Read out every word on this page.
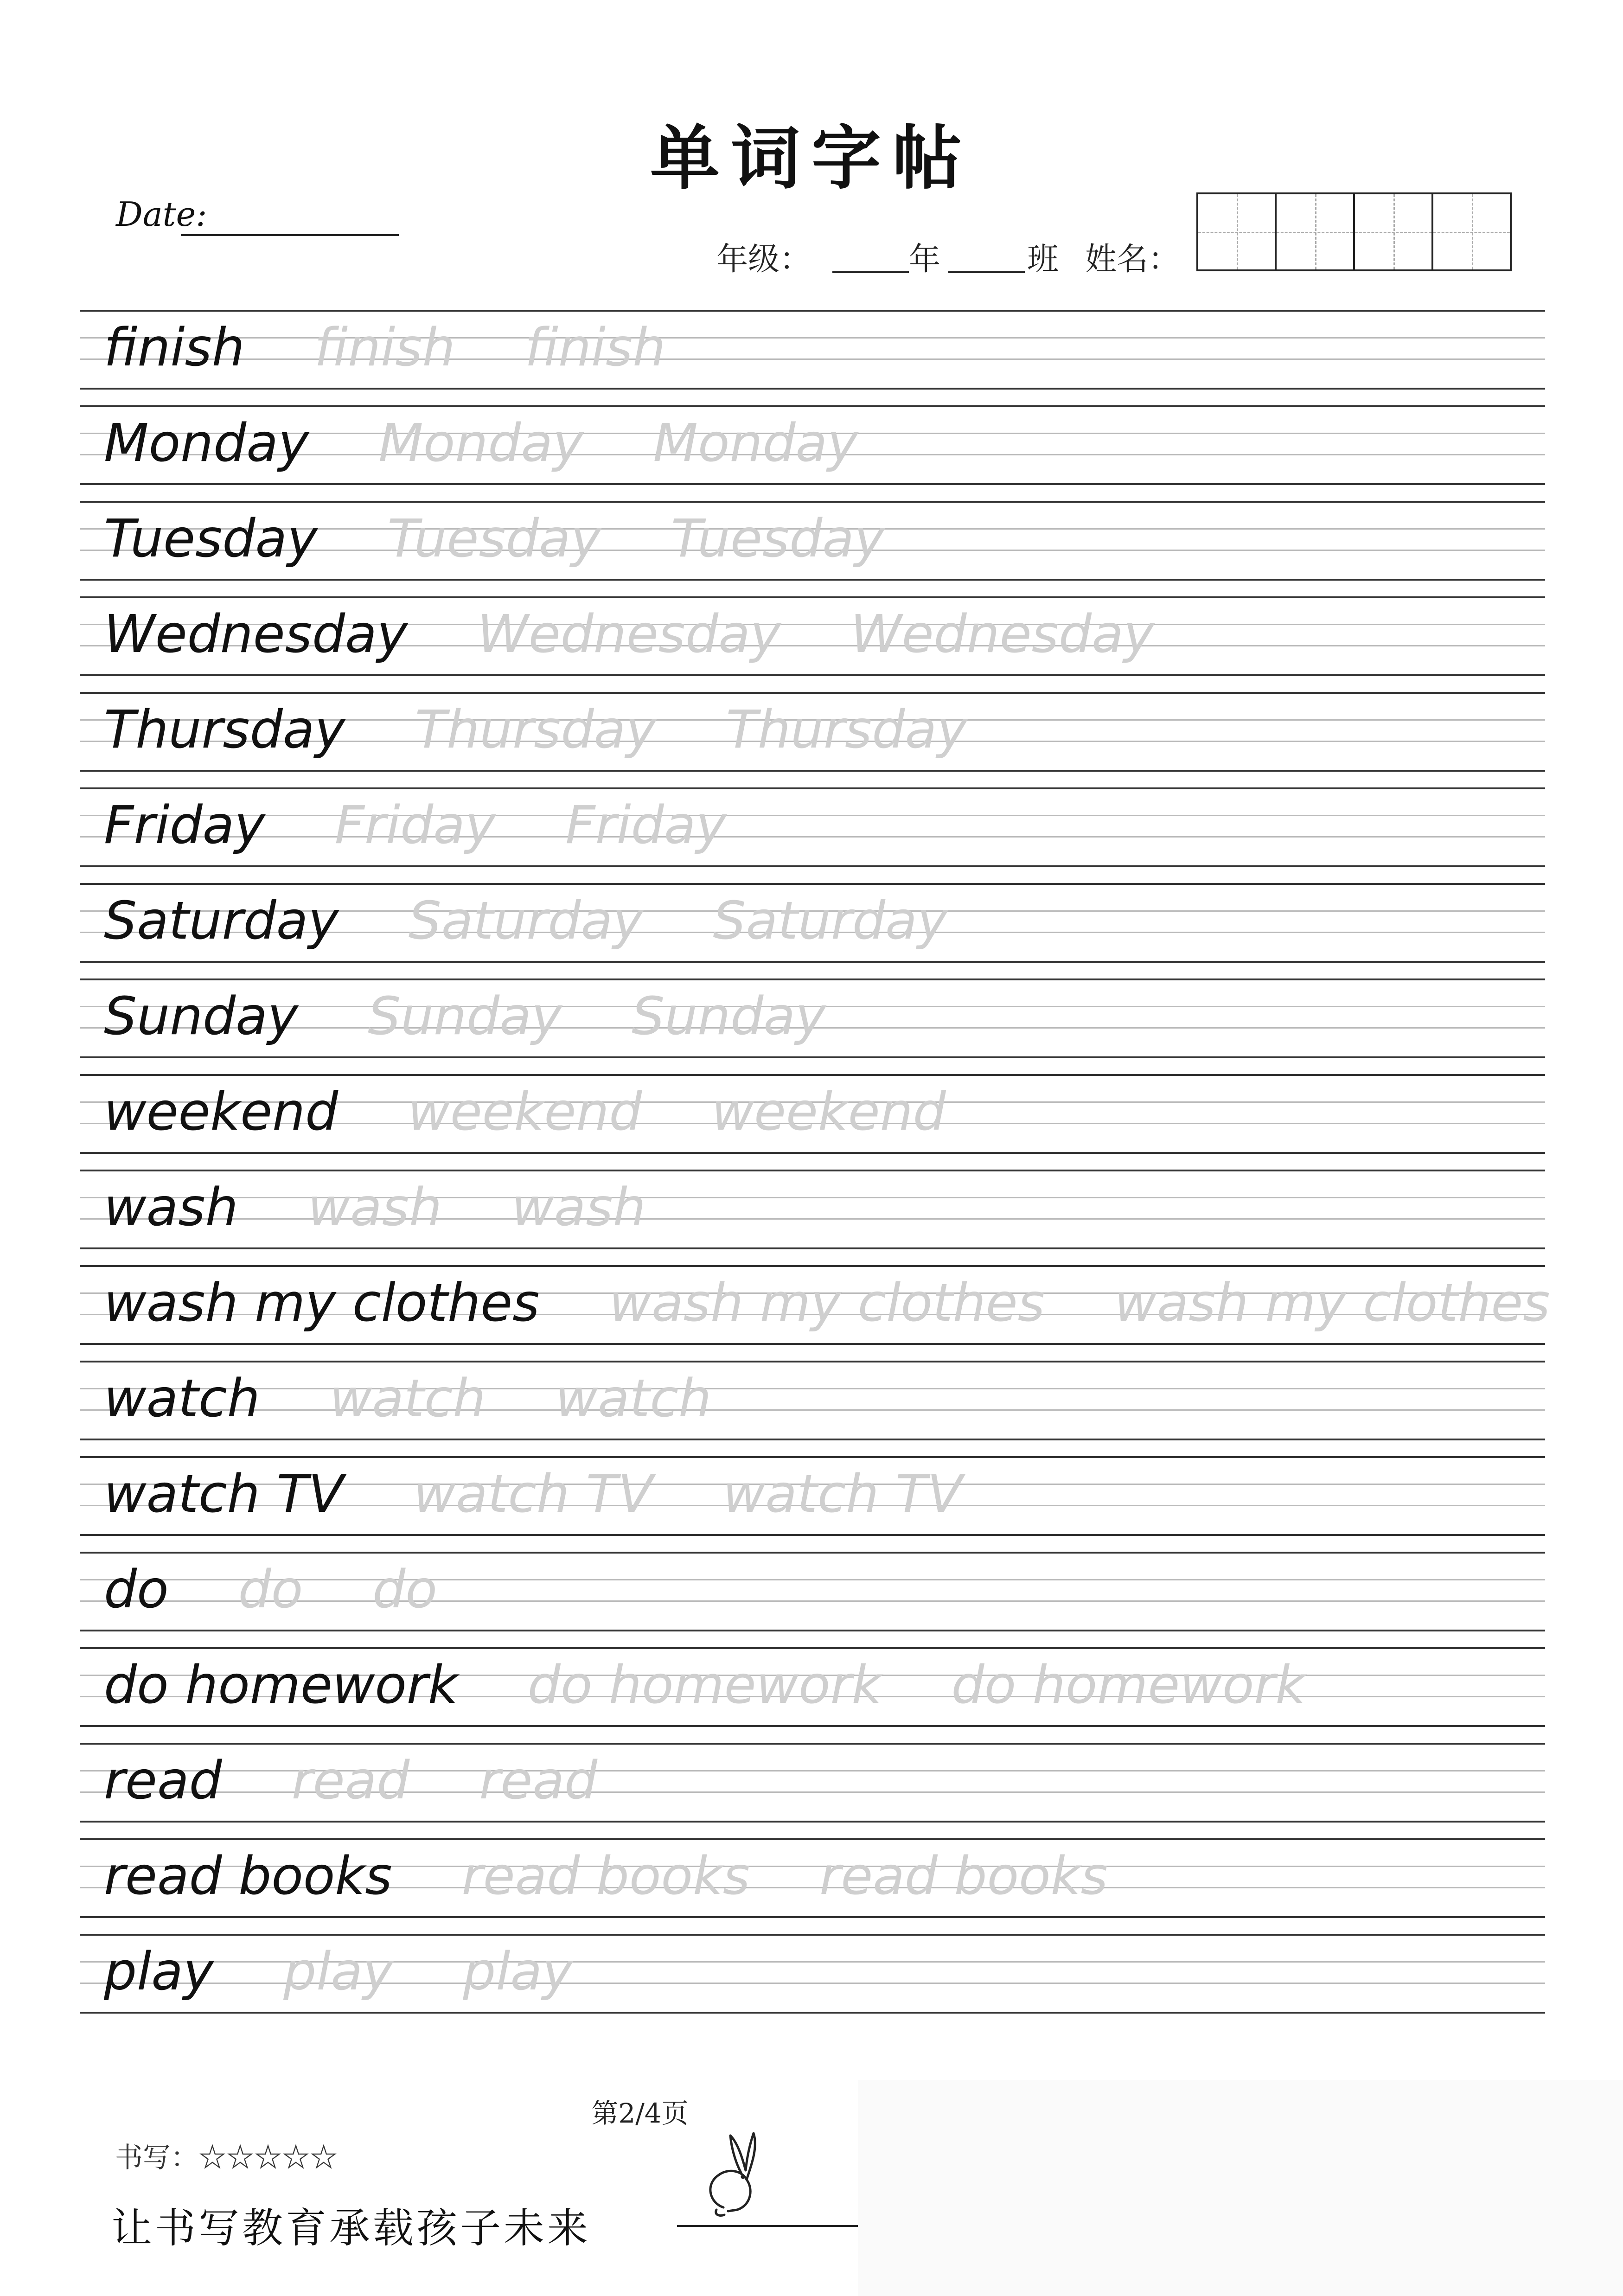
单词字帖
Date:
年级：	年	班 姓名：
finish finish finish
Monday Monday Monday
Tuesday Tuesday Tuesday
Wednesday Wednesday Wednesday
Thursday Thursday Thursday
Friday Friday Friday
Saturday Saturday Saturday
Sunday Sunday Sunday
weekend weekend weekend
wash wash wash
wash my clothes wash my clothes wash my clothes
watch watch watch
watch TV watch TV watch TV
do do do
do homework do homework do homework
read read read
read books read books read books
play play play
第2/4页
书写：☆☆☆☆☆
让书写教育承载孩子未来
